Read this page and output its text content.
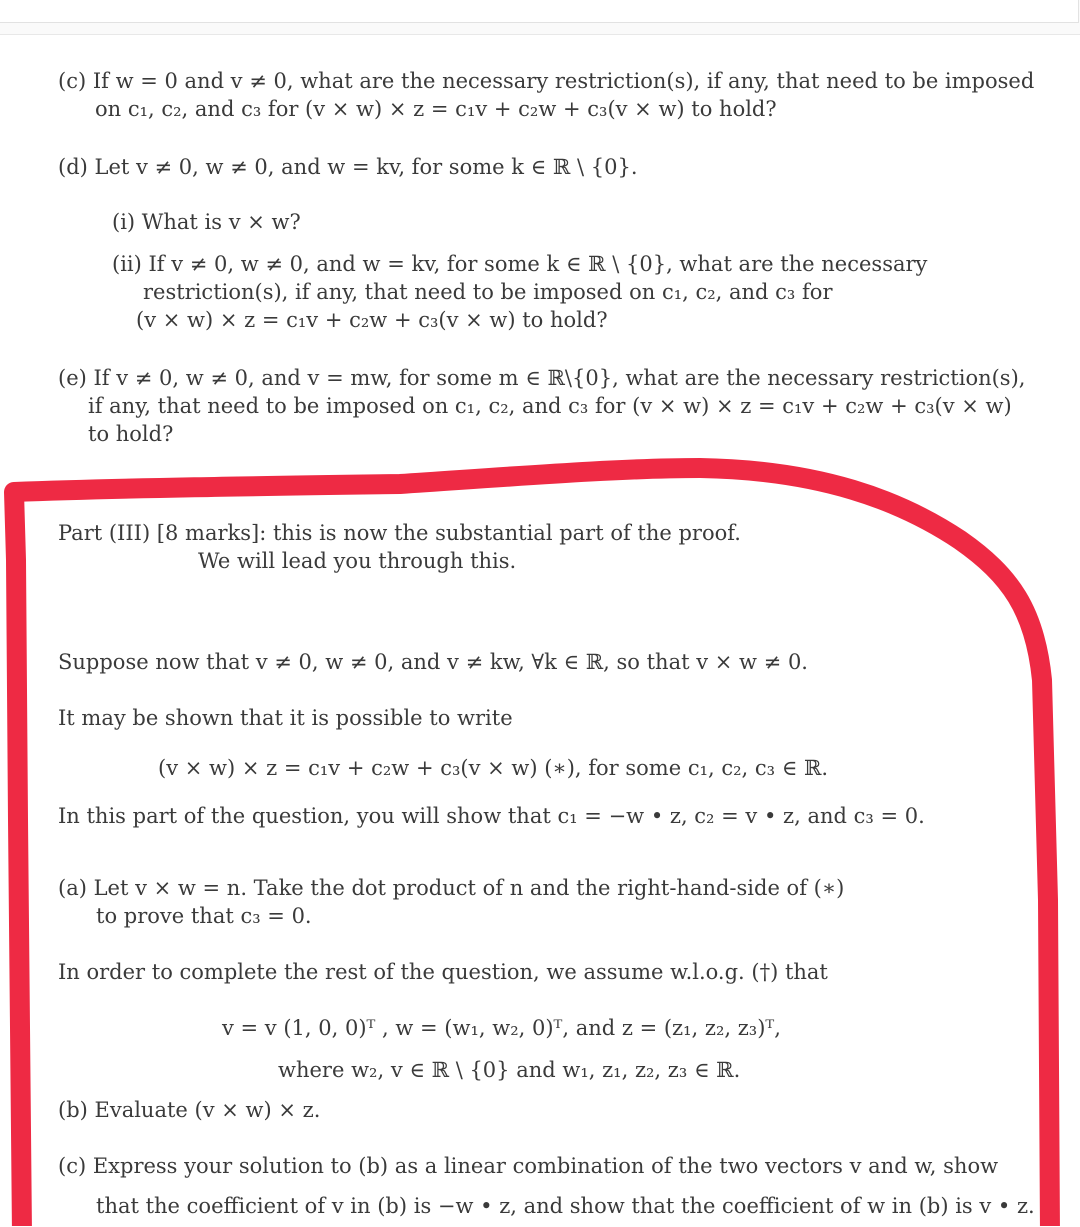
(c) If w = 0 and v ≠ 0, what are the necessary restriction(s), if any, that need to be imposed
on c₁, c₂, and c₃ for (v × w) × z = c₁v + c₂w + c₃(v × w) to hold?
(d) Let v ≠ 0, w ≠ 0, and w = kv, for some k ∈ ℝ \ {0}.
(i) What is v × w?
(ii) If v ≠ 0, w ≠ 0, and w = kv, for some k ∈ ℝ \ {0}, what are the necessary
restriction(s), if any, that need to be imposed on c₁, c₂, and c₃ for
(v × w) × z = c₁v + c₂w + c₃(v × w) to hold?
(e) If v ≠ 0, w ≠ 0, and v = mw, for some m ∈ ℝ\{0}, what are the necessary restriction(s),
if any, that need to be imposed on c₁, c₂, and c₃ for (v × w) × z = c₁v + c₂w + c₃(v × w)
to hold?
Part (III) [8 marks]: this is now the substantial part of the proof.
We will lead you through this.
Suppose now that v ≠ 0, w ≠ 0, and v ≠ kw, ∀k ∈ ℝ, so that v × w ≠ 0.
It may be shown that it is possible to write
(v × w) × z = c₁v + c₂w + c₃(v × w) (∗), for some c₁, c₂, c₃ ∈ ℝ.
In this part of the question, you will show that c₁ = −w • z, c₂ = v • z, and c₃ = 0.
(a) Let v × w = n. Take the dot product of n and the right-hand-side of (∗)
to prove that c₃ = 0.
In order to complete the rest of the question, we assume w.l.o.g. (†) that
v = v (1, 0, 0)ᵀ , w = (w₁, w₂, 0)ᵀ, and z = (z₁, z₂, z₃)ᵀ,
where w₂, v ∈ ℝ \ {0} and w₁, z₁, z₂, z₃ ∈ ℝ.
(b) Evaluate (v × w) × z.
(c) Express your solution to (b) as a linear combination of the two vectors v and w, show
that the coefficient of v in (b) is −w • z, and show that the coefficient of w in (b) is v • z.
